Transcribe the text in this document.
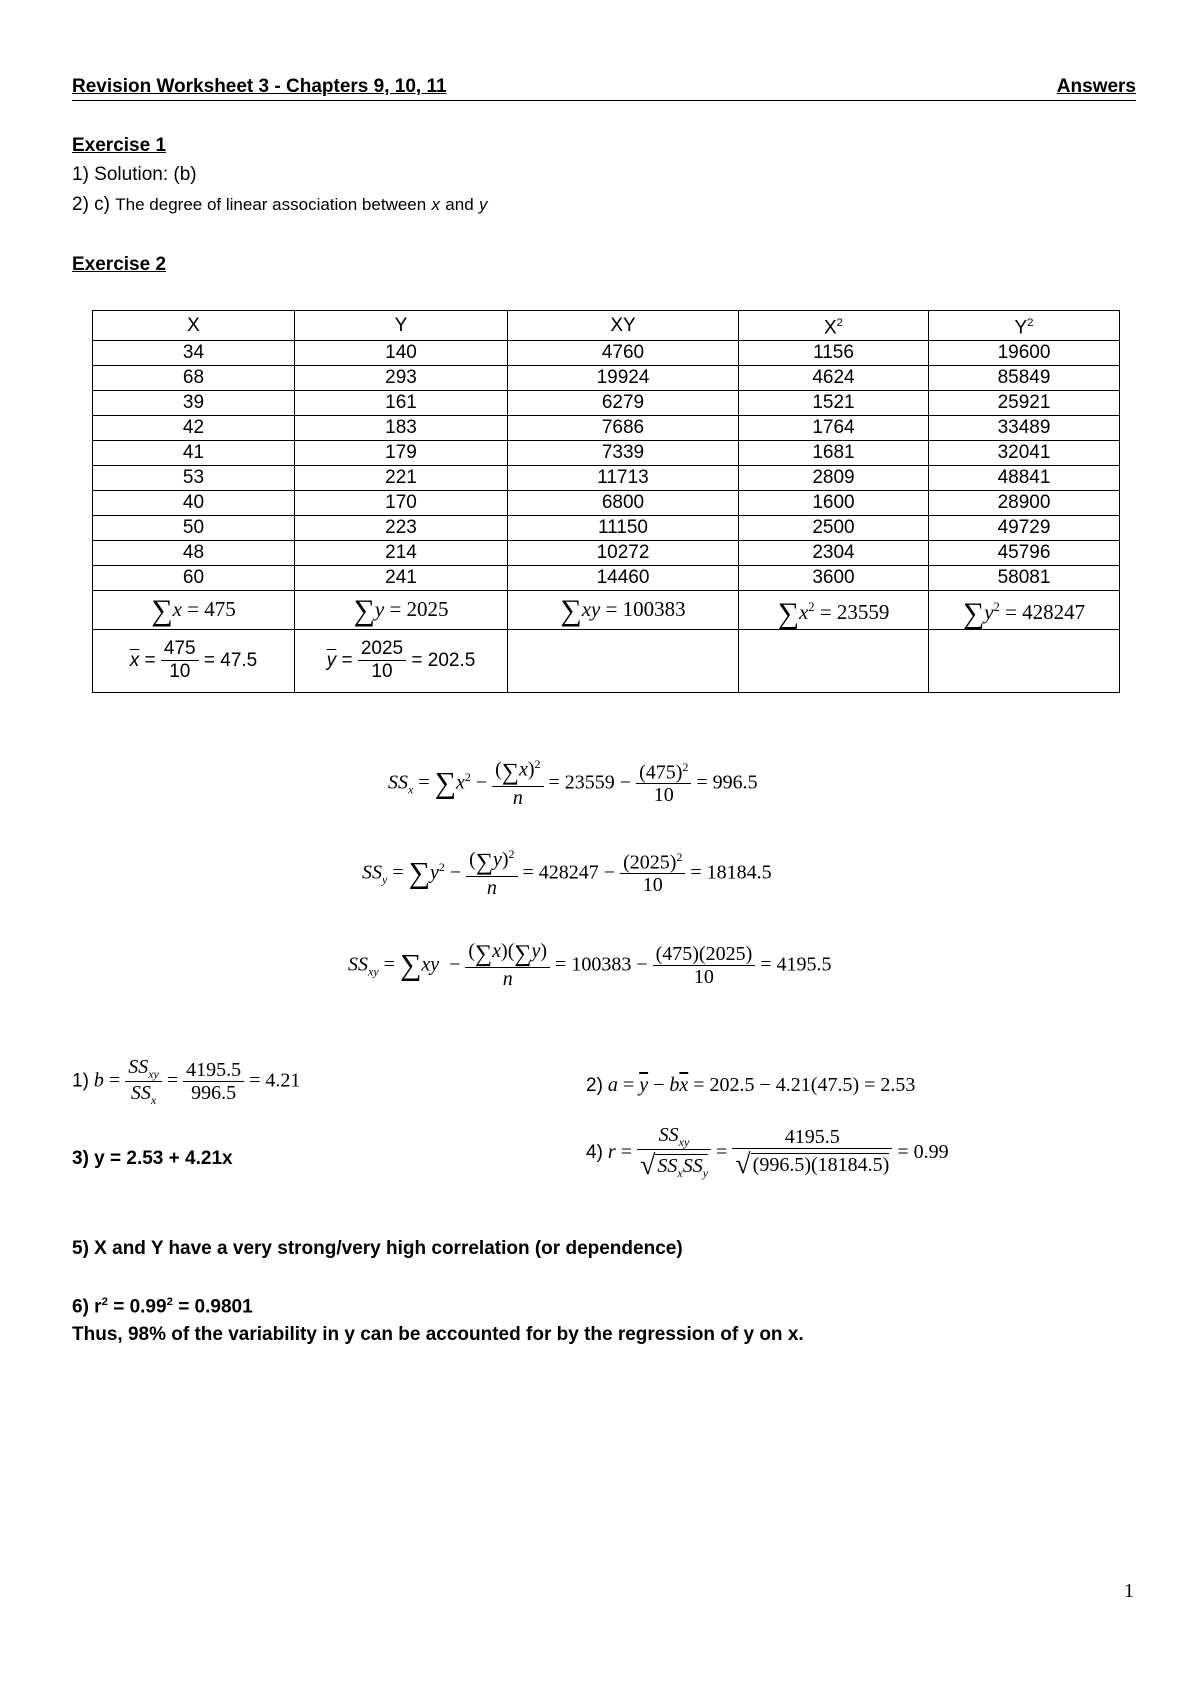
Revision Worksheet 3 - Chapters 9, 10, 11	Answers
Exercise 1
1) Solution: (b)
2) c) The degree of linear association between x and y
Exercise 2
X	Y	XY	$X^2$	$Y^2$
34	140	4760	1156	19600
68	293	19924	4624	85849
39	161	6279	1521	25921
42	183	7686	1764	33489
41	179	7339	1681	32041
53	221	11713	2809	48841
40	170	6800	1600	28900
50	223	11150	2500	49729
48	214	10272	2304	45796
60	241	14460	3600	58081
∑x = 475	∑y = 2025	∑xy = 100383	$\sum x^2 = 23559$	$\sum y^2 = 428247$
$\overline{x} = \frac{475}{10} = 47.5$	$\overline{y} = \frac{2025}{10} = 202.5$			
$SS_x = \sum x^2 - \frac{(\sum x)^2}{n} = 23559 - \frac{(475)^2}{10} = 996.5$
$SS_y = \sum y^2 - \frac{(\sum y)^2}{n} = 428247 - \frac{(2025)^2}{10} = 18184.5$
$SS_{xy} = \sum xy - \frac{(\sum x)(\sum y)}{n} = 100383 - \frac{(475)(2025)}{10} = 4195.5$
1) b =
$SS_{xy}$
$SS_x$
= $\frac{4195.5}{996.5} = 4.21$	2) $a = \overline{y} - b\overline{x} = 202.5 - 4.21(47.5) = 2.53$
3) y = 2.53 + 4.21x	4) r =
$SS_{xy}$
√ $SS_xSS_y$
= $\frac{4195.5}{√ (996.5)(18184.5)} = 0.99$
5) X and Y have a very strong/very high correlation (or dependence)
6) $r^2 = 0.99^2 = 0.9801$
Thus, 98% of the variability in y can be accounted for by the regression of y on x.
1
